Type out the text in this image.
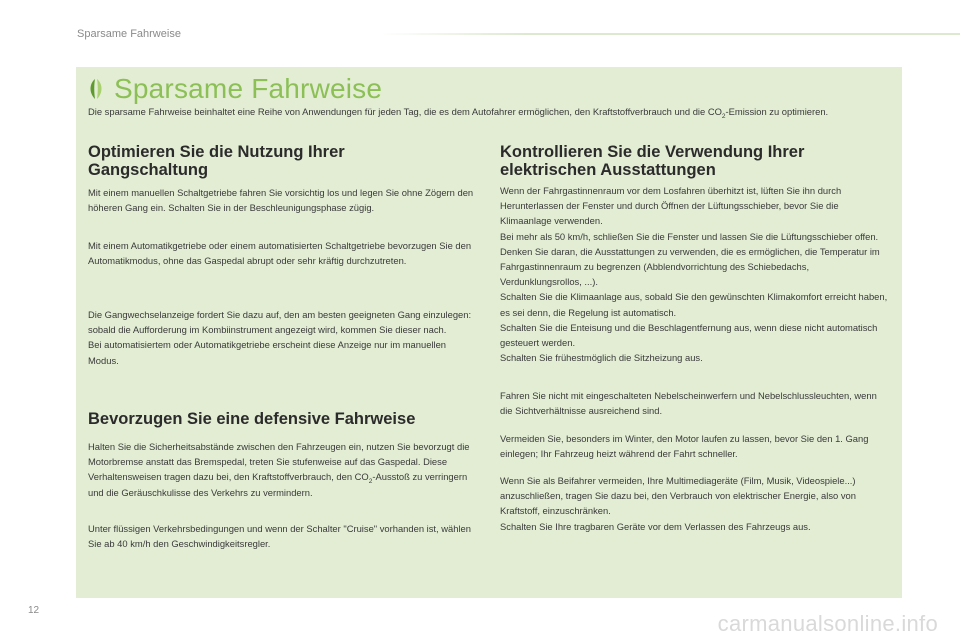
Sparsame Fahrweise
Sparsame Fahrweise
Die sparsame Fahrweise beinhaltet eine Reihe von Anwendungen für jeden Tag, die es dem Autofahrer ermöglichen, den Kraftstoffverbrauch und die $CO_2$-Emission zu optimieren.
Optimieren Sie die Nutzung Ihrer Gangschaltung

Mit einem manuellen Schaltgetriebe fahren Sie vorsichtig los und legen Sie ohne Zögern den höheren Gang ein. Schalten Sie in der Beschleunigungsphase zügig.

Mit einem Automatikgetriebe oder einem automatisierten Schaltgetriebe bevorzugen Sie den Automatikmodus, ohne das Gaspedal abrupt oder sehr kräftig durchzutreten.

Die Gangwechselanzeige fordert Sie dazu auf, den am besten geeigneten Gang einzulegen: sobald die Aufforderung im Kombiinstrument angezeigt wird, kommen Sie dieser nach.

Bei automatisiertem oder Automatikgetriebe erscheint diese Anzeige nur im manuellen Modus.

Bevorzugen Sie eine defensive Fahrweise

Halten Sie die Sicherheitsabstände zwischen den Fahrzeugen ein, nutzen Sie bevorzugt die Motorbremse anstatt das Bremspedal, treten Sie stufenweise auf das Gaspedal. Diese Verhaltensweisen tragen dazu bei, den Kraftstoffverbrauch, den $CO_2$-Ausstoß zu verringern und die Geräuschkulisse des Verkehrs zu vermindern.

Unter flüssigen Verkehrsbedingungen und wenn der Schalter "Cruise" vorhanden ist, wählen Sie ab 40 km/h den Geschwindigkeitsregler.

Kontrollieren Sie die Verwendung Ihrer elektrischen Ausstattungen

Wenn der Fahrgastinnenraum vor dem Losfahren überhitzt ist, lüften Sie ihn durch Herunterlassen der Fenster und durch Öffnen der Lüftungsschieber, bevor Sie die Klimaanlage verwenden.

Bei mehr als 50 km/h, schließen Sie die Fenster und lassen Sie die Lüftungsschieber offen.

Denken Sie daran, die Ausstattungen zu verwenden, die es ermöglichen, die Temperatur im Fahrgastinnenraum zu begrenzen (Abblendvorrichtung des Schiebedachs, Verdunklungsrollos, ...).

Schalten Sie die Klimaanlage aus, sobald Sie den gewünschten Klimakomfort erreicht haben, es sei denn, die Regelung ist automatisch.

Schalten Sie die Enteisung und die Beschlagentfernung aus, wenn diese nicht automatisch gesteuert werden.

Schalten Sie frühestmöglich die Sitzheizung aus.

Fahren Sie nicht mit eingeschalteten Nebelscheinwerfern und Nebelschlussleuchten, wenn die Sichtverhältnisse ausreichend sind.

Vermeiden Sie, besonders im Winter, den Motor laufen zu lassen, bevor Sie den 1. Gang einlegen; Ihr Fahrzeug heizt während der Fahrt schneller.

Wenn Sie als Beifahrer vermeiden, Ihre Multimediageräte (Film, Musik, Videospiele...) anzuschließen, tragen Sie dazu bei, den Verbrauch von elektrischer Energie, also von Kraftstoff, einzuschränken.

Schalten Sie Ihre tragbaren Geräte vor dem Verlassen des Fahrzeugs aus.

12
carmanualsonline.info
